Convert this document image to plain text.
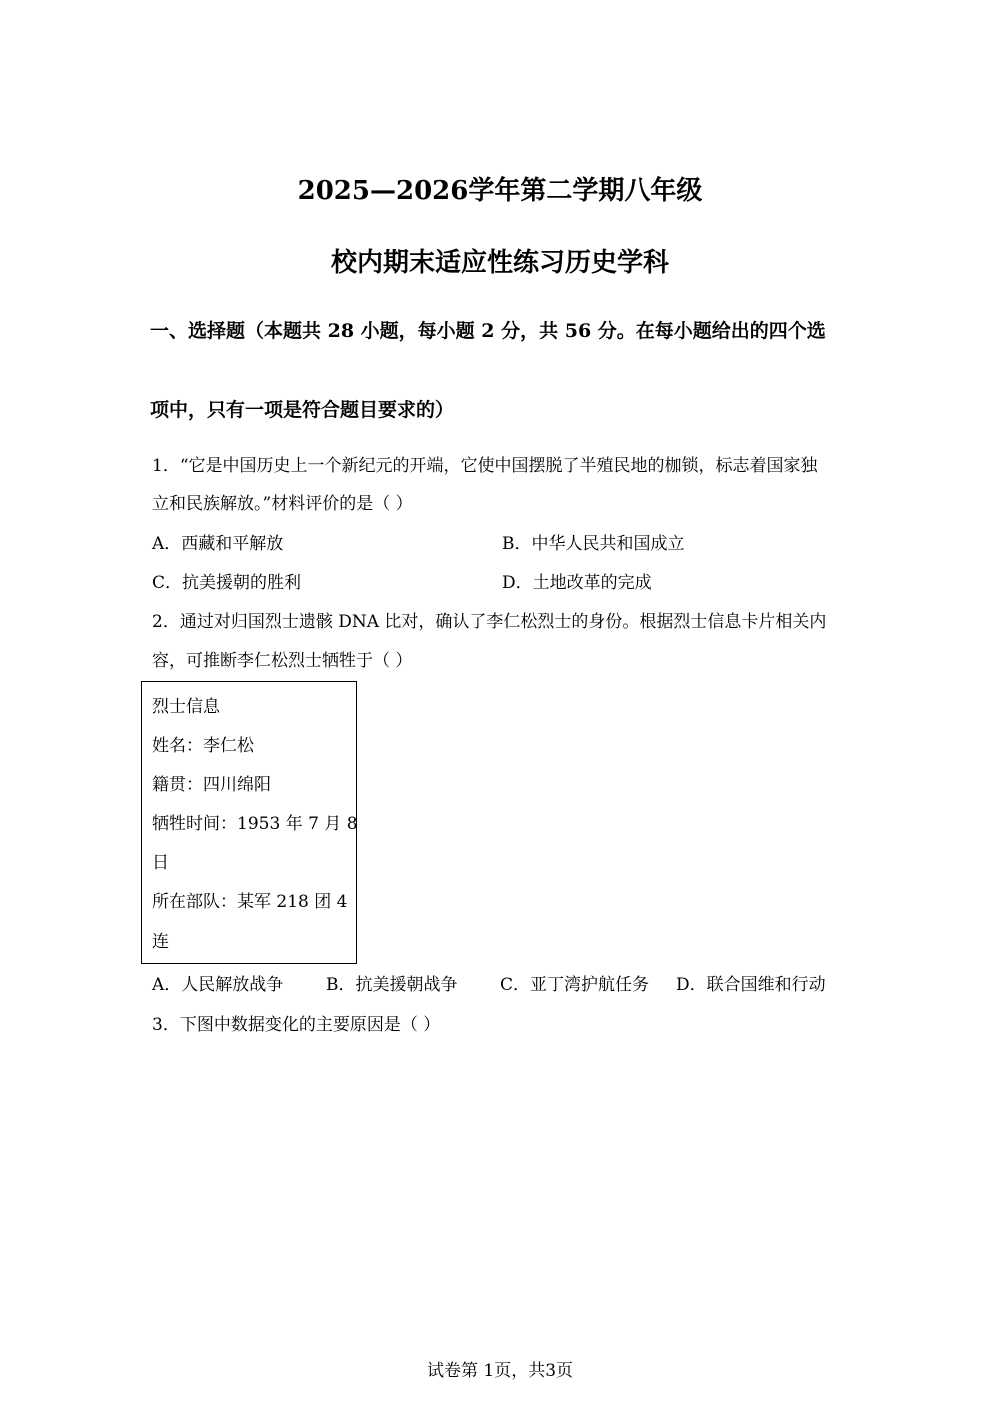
2025—2026学年第二学期八年级
校内期末适应性练习历史学科
一、选择题（本题共 28 小题，每小题 2 分，共 56 分。在每小题给出的四个选
项中，只有一项是符合题目要求的）
1．“它是中国历史上一个新纪元的开端，它使中国摆脱了半殖民地的枷锁，标志着国家独
立和民族解放。”材料评价的是（ ）
A．西藏和平解放	B．中华人民共和国成立
C．抗美援朝的胜利	D．土地改革的完成
2．通过对归国烈士遗骸 DNA 比对，确认了李仁松烈士的身份。根据烈士信息卡片相关内
容，可推断李仁松烈士牺牲于（ ）
烈士信息
姓名：李仁松
籍贯：四川绵阳
牺牲时间：1953 年 7 月 8
日
所在部队：某军 218 团 4
连
A．人民解放战争	B．抗美援朝战争	C．亚丁湾护航任务 D．联合国维和行动
3．下图中数据变化的主要原因是（ ）
试卷第 1页，共3页
